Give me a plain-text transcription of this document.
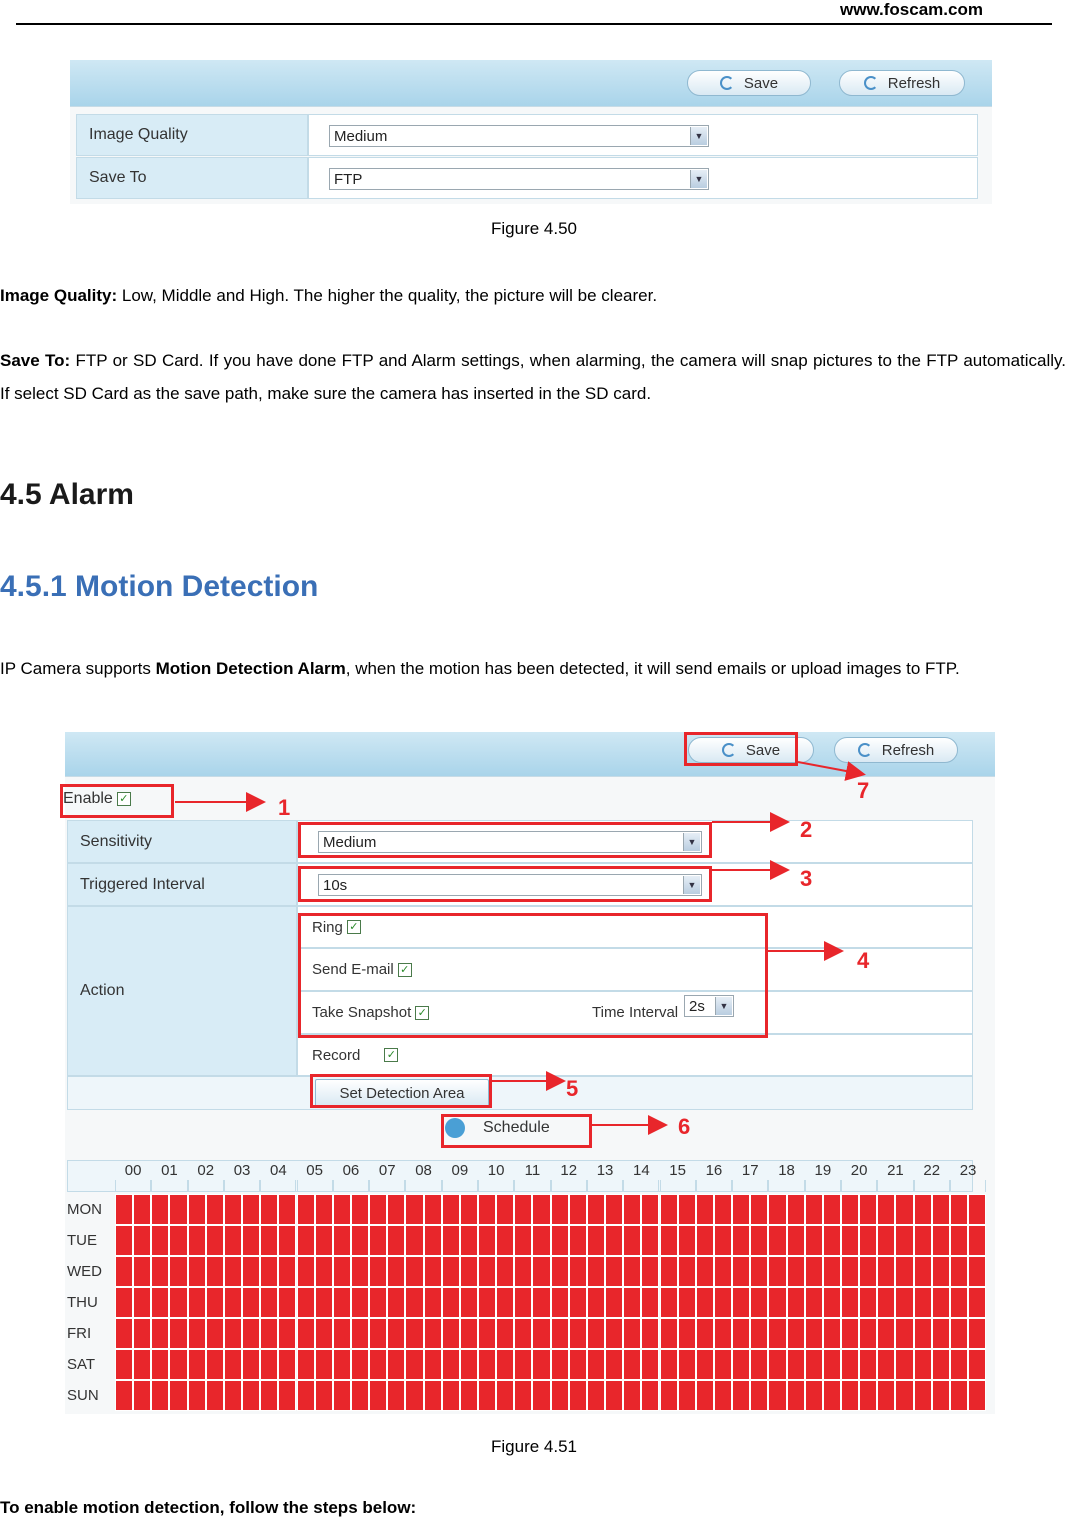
www.foscam.com
Save	Refresh
Image Quality	Medium	▼
Save To	FTP	▼
Figure 4.50
Image Quality: Low, Middle and High. The higher the quality, the picture will be clearer.
Save To: FTP or SD Card. If you have done FTP and Alarm settings, when alarming, the camera will snap pictures to the FTP automatically. If select SD Card as the save path, make sure the camera has inserted in the SD card.
4.5 Alarm
4.5.1 Motion Detection
IP Camera supports Motion Detection Alarm, when the motion has been detected, it will send emails or upload images to FTP.
Save	Refresh
Enable ✓
Sensitivity	Medium	▼
Triggered Interval	10s	▼
Action
Ring ✓
Send E-mail ✓
Take Snapshot ✓	Time Interval 2s	▼
Record ✓
Set Detection Area
Schedule
00	01	02	03	04	05	06	07	08	09	10	11	12	13	14	15	16	17	18	19	20	21	22	23
MON
TUE
WED
THU
FRI
SAT
SUN
1
2
3
4
5
6
7
Figure 4.51
To enable motion detection, follow the steps below:
